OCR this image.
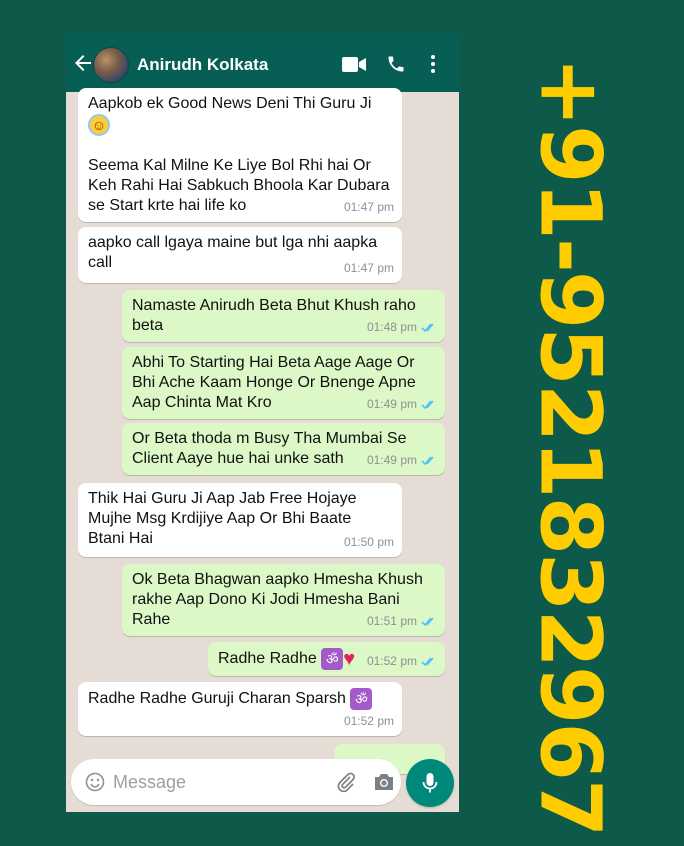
Anirudh Kolkata
Aapkob ek Good News Deni Thi Guru Ji
☺

Seema Kal Milne Ke Liye Bol Rhi hai Or Keh Rahi Hai Sabkuch Bhoola Kar Dubara se Start krte hai life ko	01:47 pm
aapko call lgaya maine but lga nhi aapka call	01:47 pm
Namaste Anirudh Beta Bhut Khush raho beta	01:48 pm
Abhi To Starting Hai Beta Aage Aage Or Bhi Ache Kaam Honge Or Bnenge Apne Aap Chinta Mat Kro	01:49 pm
Or Beta thoda m Busy Tha Mumbai Se Client Aaye hue hai unke sath	01:49 pm
Thik Hai Guru Ji Aap Jab Free Hojaye Mujhe Msg Krdijiye Aap Or Bhi Baate Btani Hai	01:50 pm
Ok Beta Bhagwan aapko Hmesha Khush rakhe Aap Dono Ki Jodi Hmesha Bani Rahe	01:51 pm
Radhe Radhe ॐ ♥ 01:52 pm
Radhe Radhe Guruji Charan Sparsh ॐ
01:52 pm
Message	+91-9521832967
